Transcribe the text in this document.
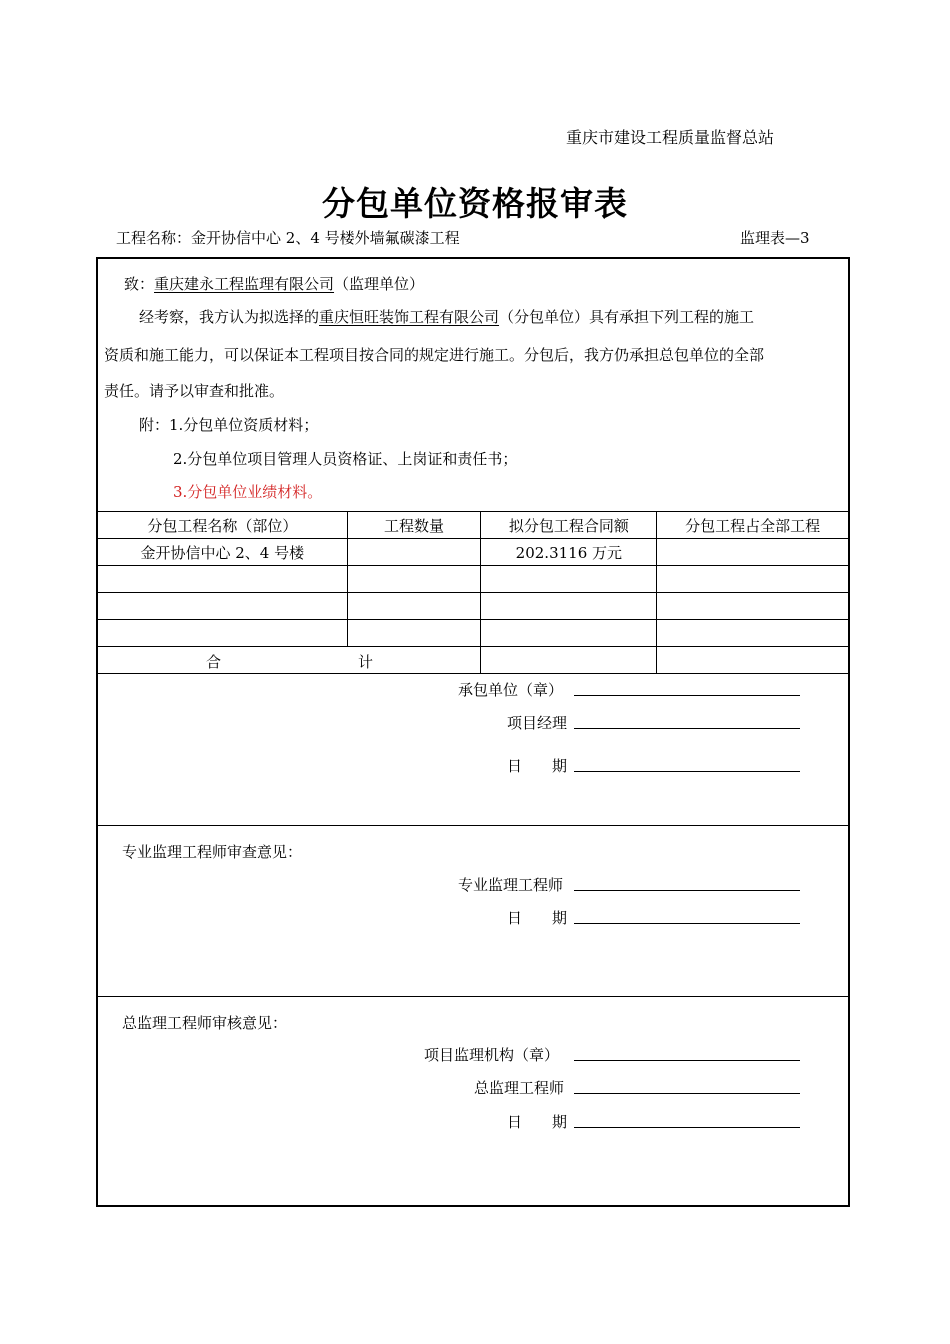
重庆市建设工程质量监督总站
分包单位资格报审表
工程名称：金开协信中心 2、4 号楼外墙氟碳漆工程	监理表—3
致：重庆建永工程监理有限公司（监理单位）
经考察，我方认为拟选择的重庆恒旺装饰工程有限公司（分包单位）具有承担下列工程的施工
资质和施工能力，可以保证本工程项目按合同的规定进行施工。分包后，我方仍承担总包单位的全部
责任。请予以审查和批准。
附：1.分包单位资质材料；
2.分包单位项目管理人员资格证、上岗证和责任书；
3.分包单位业绩材料。
分包工程名称（部位）	工程数量	拟分包工程合同额	分包工程占全部工程
金开协信中心 2、4 号楼		202.3116 万元	

合 计			

承包单位（章）
项目经理
日　　期
专业监理工程师审查意见：
专业监理工程师
日　　期
总监理工程师审核意见：
项目监理机构（章）
总监理工程师
日　　期
